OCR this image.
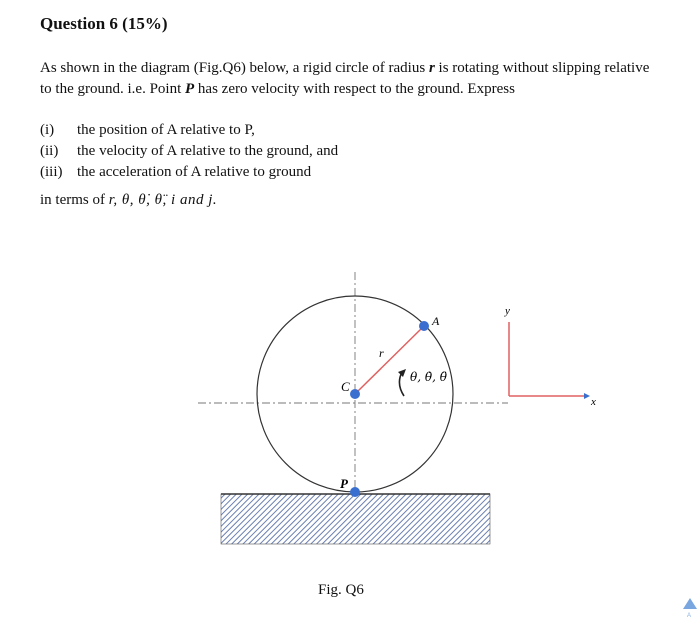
Question 6 (15%)
As shown in the diagram (Fig.Q6) below, a rigid circle of radius r is rotating without slipping relative to the ground. i.e. Point P has zero velocity with respect to the ground. Express
(i)	the position of A relative to P,
(ii)	the velocity of A relative to the ground, and
(iii) the acceleration of A relative to ground
in terms of r, θ, θ̇, θ̈, i and j.
A
C
P
r
θ, θ̇, θ̈
y
x
Fig. Q6
A
